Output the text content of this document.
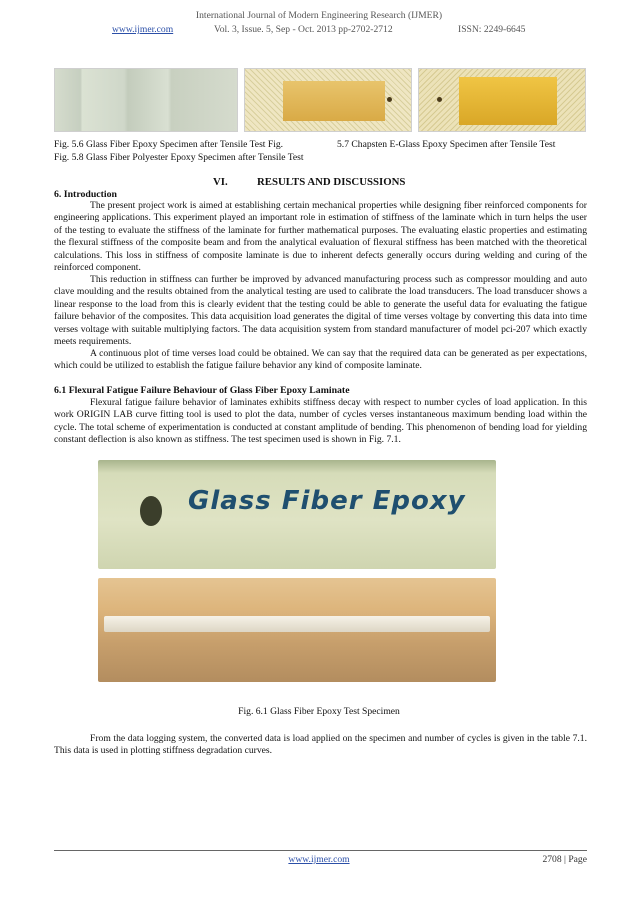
International Journal of Modern Engineering Research (IJMER)
www.ijmer.com	Vol. 3, Issue. 5, Sep - Oct. 2013 pp-2702-2712	ISSN: 2249-6645
Fig. 5.6 Glass Fiber Epoxy Specimen after Tensile Test Fig.	5.7 Chapsten E-Glass Epoxy Specimen after Tensile Test
Fig. 5.8 Glass Fiber Polyester Epoxy Specimen after Tensile Test
VI.	RESULTS AND DISCUSSIONS
6. Introduction
The present project work is aimed at establishing certain mechanical properties while designing fiber reinforced components for engineering applications. This experiment played an important role in estimation of stiffness of the laminate which in turn helps the user of the testing to evaluate the stiffness of the laminate for further mathematical purposes. The evaluating elastic properties and estimating the flexural stiffness of the composite beam and from the analytical evaluation of flexural stiffness has been matched with the theoretical calculations. This loss in stiffness of composite laminate is due to inherent defects generally occurs during welding and curing of the reinforced component.
This reduction in stiffness can further be improved by advanced manufacturing process such as compressor moulding and auto clave moulding and the results obtained from the analytical testing are used to calibrate the load transducers. The load transducer shows a linear response to the load from this is clearly evident that the testing could be able to generate the useful data for evaluating the fatigue failure behavior of the composites. This data acquisition load generates the digital of time verses voltage by converting this data into time verses voltage with suitable multiplying factors. The data acquisition system from standard manufacturer of model pci-207 which exactly meets requirements.
A continuous plot of time verses load could be obtained. We can say that the required data can be generated as per expectations, which could be utilized to establish the fatigue failure behavior any kind of composite laminate.
6.1 Flexural Fatigue Failure Behaviour of Glass Fiber Epoxy Laminate
Flexural fatigue failure behavior of laminates exhibits stiffness decay with respect to number cycles of load application. In this work ORIGIN LAB curve fitting tool is used to plot the data, number of cycles verses instantaneous maximum bending load within the cycle. The total scheme of experimentation is conducted at constant amplitude of bending. This phenomenon of bending load for yielding constant deflection is also known as stiffness. The test specimen used is shown in Fig. 7.1.
Glass Fiber Epoxy
Fig. 6.1 Glass Fiber Epoxy Test Specimen
From the data logging system, the converted data is load applied on the specimen and number of cycles is given in the table 7.1. This data is used in plotting stiffness degradation curves.
www.ijmer.com	2708 | Page
